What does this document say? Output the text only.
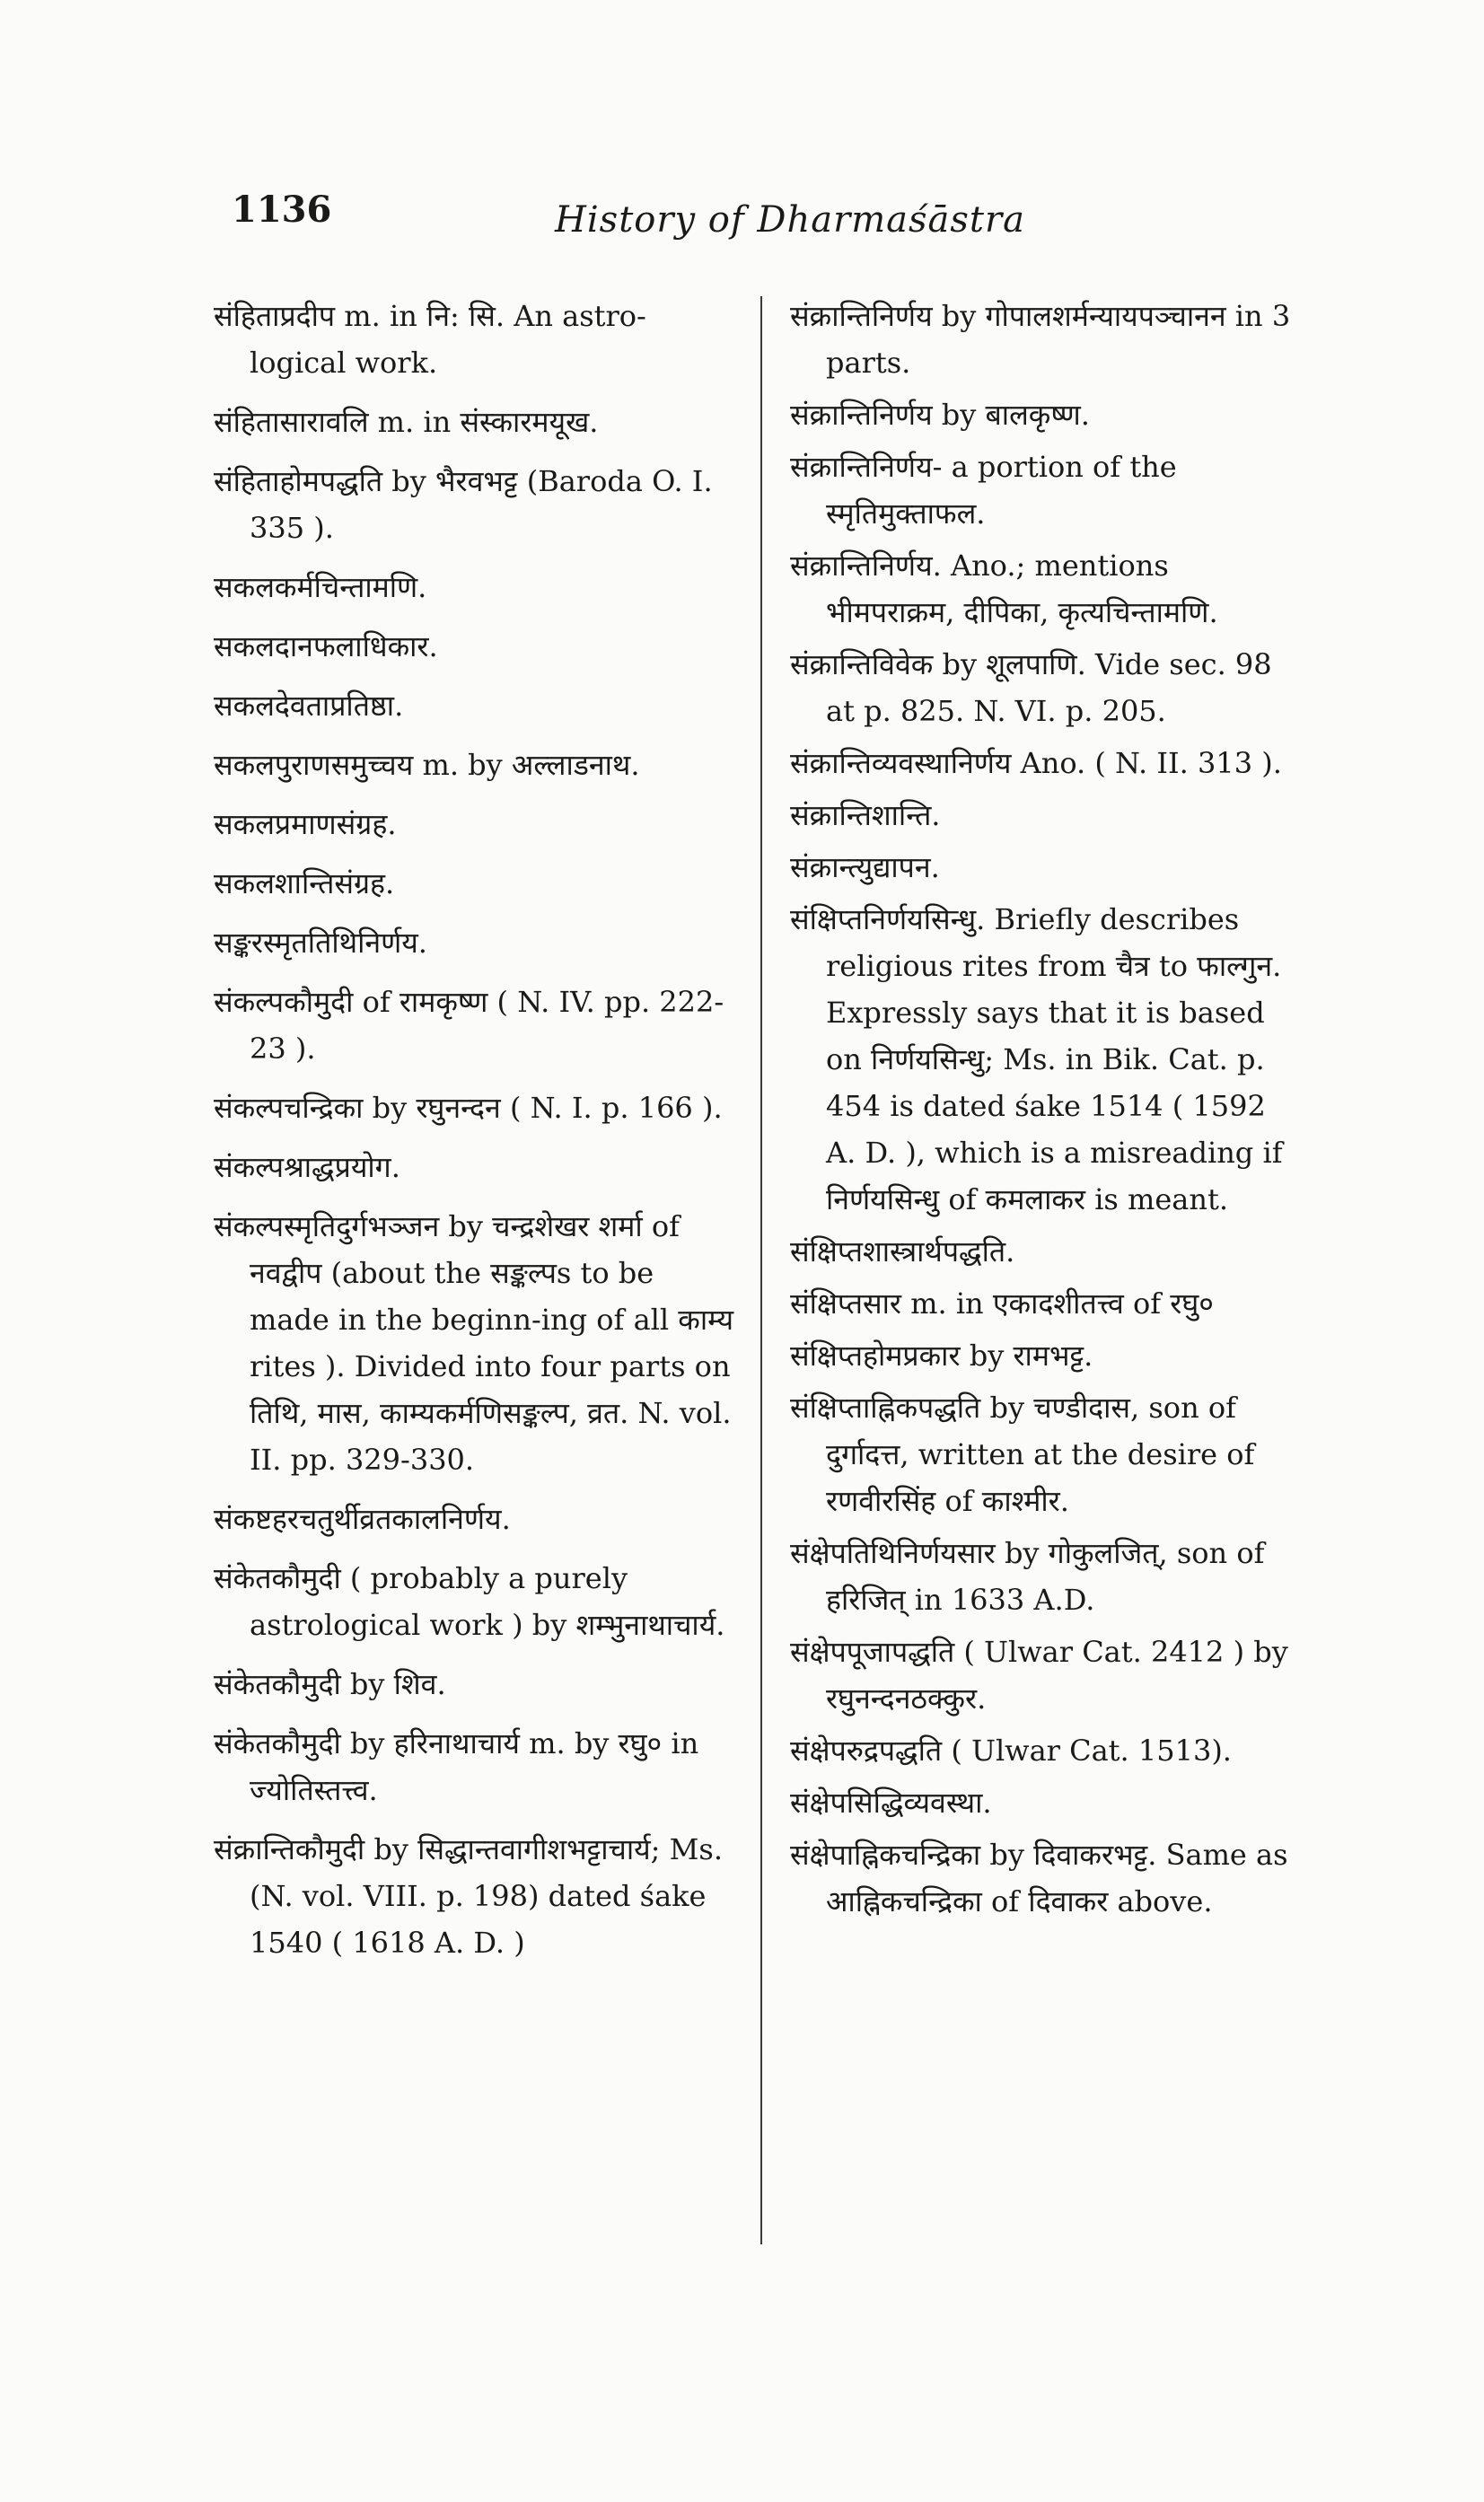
1136	History of Dharmaśāstra
संहिताप्रदीप m. in नि: सि. An astro-logical work.
संहितासारावलि m. in संस्कारमयूख.
संहिताहोमपद्धति by भैरवभट्ट (Baroda O. I. 335 ).
सकलकर्मचिन्तामणि.
सकलदानफलाधिकार.
सकलदेवताप्रतिष्ठा.
सकलपुराणसमुच्चय m. by अल्लाडनाथ.
सकलप्रमाणसंग्रह.
सकलशान्तिसंग्रह.
सङ्करस्मृततिथिनिर्णय.
संकल्पकौमुदी of रामकृष्ण ( N. IV. pp. 222-23 ).
संकल्पचन्द्रिका by रघुनन्दन ( N. I. p. 166 ).
संकल्पश्राद्धप्रयोग.
संकल्पस्मृतिदुर्गभञ्जन by चन्द्रशेखर शर्मा of नवद्वीप (about the सङ्कल्पs to be made in the beginn-ing of all काम्य rites ). Divided into four parts on तिथि, मास, काम्यकर्मणिसङ्कल्प, व्रत. N. vol. II. pp. 329-330.
संकष्टहरचतुर्थीव्रतकालनिर्णय.
संकेतकौमुदी ( probably a purely astrological work ) by शम्भुनाथाचार्य.
संकेतकौमुदी by शिव.
संकेतकौमुदी by हरिनाथाचार्य m. by रघु० in ज्योतिस्तत्त्व.
संक्रान्तिकौमुदी by सिद्धान्तवागीशभट्टाचार्य; Ms. (N. vol. VIII. p. 198) dated śake 1540 ( 1618 A. D. )
संक्रान्तिनिर्णय by गोपालशर्मन्यायपञ्चानन in 3 parts.
संक्रान्तिनिर्णय by बालकृष्ण.
संक्रान्तिनिर्णय- a portion of the स्मृतिमुक्ताफल.
संक्रान्तिनिर्णय. Ano.; mentions भीमपराक्रम, दीपिका, कृत्यचिन्तामणि.
संक्रान्तिविवेक by शूलपाणि. Vide sec. 98 at p. 825. N. VI. p. 205.
संक्रान्तिव्यवस्थानिर्णय Ano. ( N. II. 313 ).
संक्रान्तिशान्ति.
संक्रान्त्युद्यापन.
संक्षिप्तनिर्णयसिन्धु. Briefly describes religious rites from चैत्र to फाल्गुन. Expressly says that it is based on निर्णयसिन्धु; Ms. in Bik. Cat. p. 454 is dated śake 1514 ( 1592 A. D. ), which is a misreading if निर्णयसिन्धु of कमलाकर is meant.
संक्षिप्तशास्त्रार्थपद्धति.
संक्षिप्तसार m. in एकादशीतत्त्व of रघु०
संक्षिप्तहोमप्रकार by रामभट्ट.
संक्षिप्ताह्निकपद्धति by चण्डीदास, son of दुर्गादत्त, written at the desire of रणवीरसिंह of काश्मीर.
संक्षेपतिथिनिर्णयसार by गोकुलजित्, son of हरिजित् in 1633 A.D.
संक्षेपपूजापद्धति ( Ulwar Cat. 2412 ) by रघुनन्दनठक्कुर.
संक्षेपरुद्रपद्धति ( Ulwar Cat. 1513).
संक्षेपसिद्धिव्यवस्था.
संक्षेपाह्निकचन्द्रिका by दिवाकरभट्ट. Same as आह्निकचन्द्रिका of दिवाकर above.
